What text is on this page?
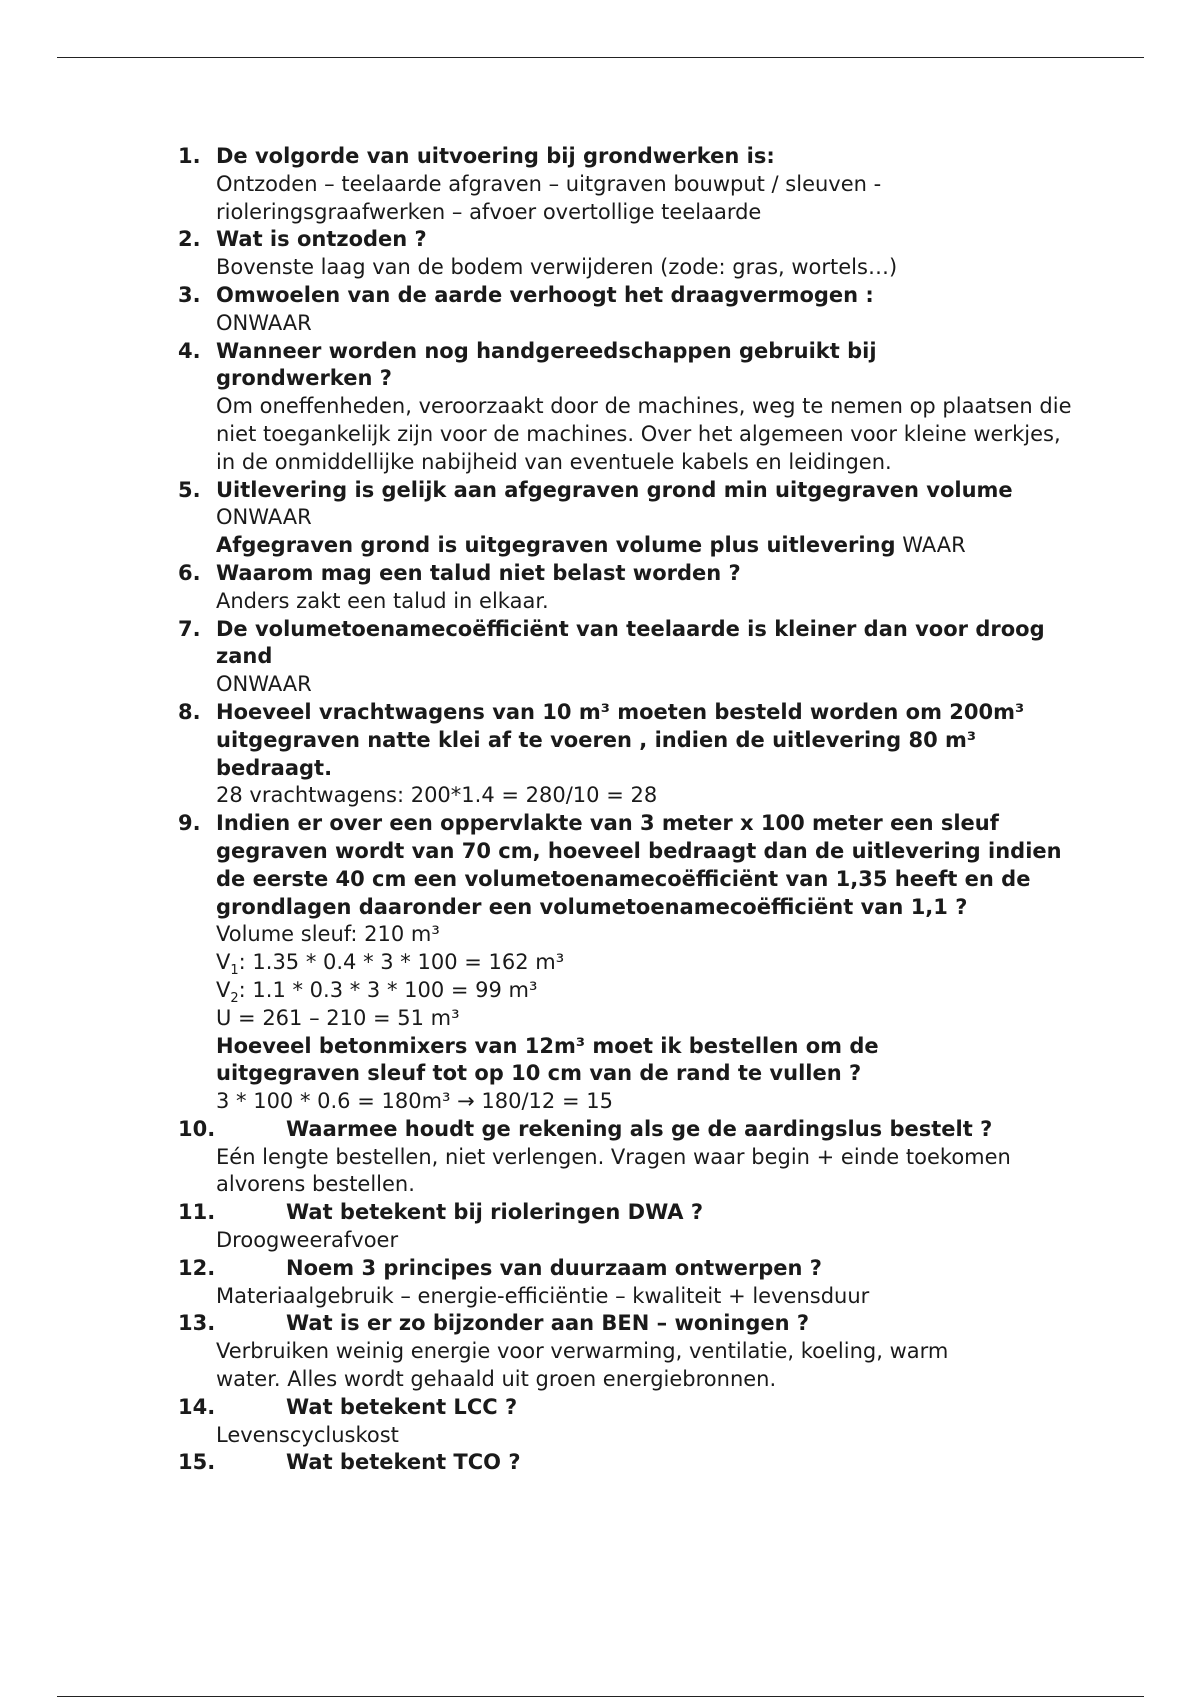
1. De volgorde van uitvoering bij grondwerken is:
Ontzoden – teelaarde afgraven – uitgraven bouwput / sleuven - rioleringsgraafwerken – afvoer overtollige teelaarde
2. Wat is ontzoden ?
Bovenste laag van de bodem verwijderen (zode: gras, wortels…)
3. Omwoelen van de aarde verhoogt het draagvermogen :
ONWAAR
4. Wanneer worden nog handgereedschappen gebruikt bij grondwerken ?
Om oneffenheden, veroorzaakt door de machines, weg te nemen op plaatsen die niet toegankelijk zijn voor de machines. Over het algemeen voor kleine werkjes, in de onmiddellijke nabijheid van eventuele kabels en leidingen.
5. Uitlevering is gelijk aan afgegraven grond min uitgegraven volume
ONWAAR
Afgegraven grond is uitgegraven volume plus uitlevering WAAR
6. Waarom mag een talud niet belast worden ?
Anders zakt een talud in elkaar.
7. De volumetoenamecoëfficiënt van teelaarde is kleiner dan voor droog zand
ONWAAR
8. Hoeveel vrachtwagens van 10 m³ moeten besteld worden om 200m³ uitgegraven natte klei af te voeren , indien de uitlevering 80 m³ bedraagt.
28 vrachtwagens: 200*1.4 = 280/10 = 28
9. Indien er over een oppervlakte van 3 meter x 100 meter een sleuf gegraven wordt van 70 cm, hoeveel bedraagt dan de uitlevering indien de eerste 40 cm een volumetoenamecoëfficiënt van 1,35 heeft en de grondlagen daaronder een volumetoenamecoëfficiënt van 1,1 ?
Volume sleuf: 210 m³
$V_1$: 1.35 * 0.4 * 3 * 100 = 162 m³
$V_2$: 1.1 * 0.3 * 3 * 100 = 99 m³
U = 261 – 210 = 51 m³
Hoeveel betonmixers van 12m³ moet ik bestellen om de uitgegraven sleuf tot op 10 cm van de rand te vullen ?
3 * 100 * 0.6 = 180m³ → 180/12 = 15
10.	Waarmee houdt ge rekening als ge de aardingslus bestelt ?
Eén lengte bestellen, niet verlengen. Vragen waar begin + einde toekomen alvorens bestellen.
11.	Wat betekent bij rioleringen DWA ?
Droogweerafvoer
12.	Noem 3 principes van duurzaam ontwerpen ?
Materiaalgebruik – energie-efficiëntie – kwaliteit + levensduur
13.	Wat is er zo bijzonder aan BEN – woningen ?
Verbruiken weinig energie voor verwarming, ventilatie, koeling, warm water. Alles wordt gehaald uit groen energiebronnen.
14.	Wat betekent LCC ?
Levenscycluskost
15.	Wat betekent TCO ?
